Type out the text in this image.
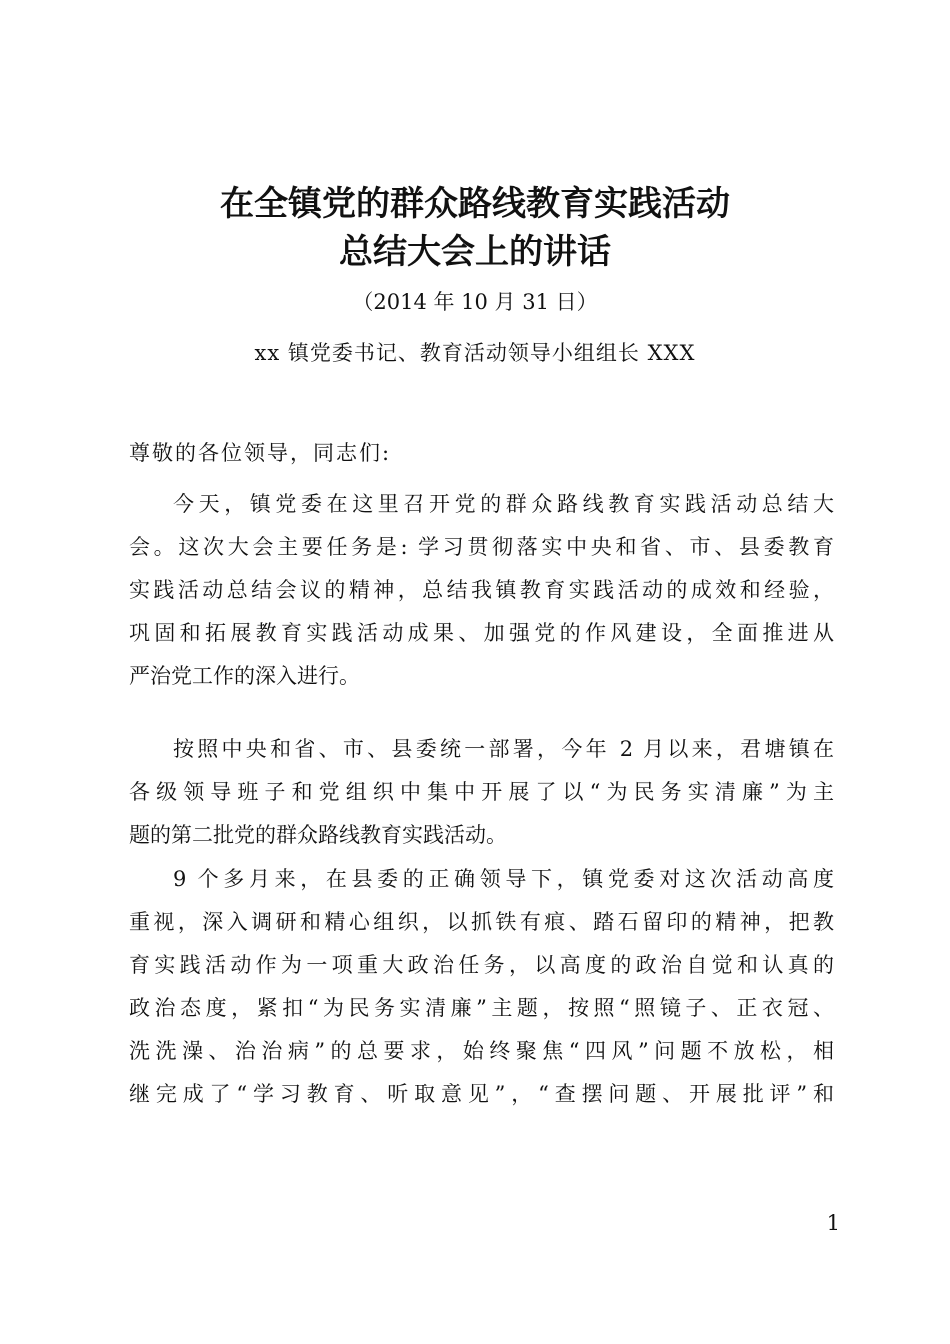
在全镇党的群众路线教育实践活动
总结大会上的讲话
（2014 年 10 月 31 日）
xx 镇党委书记、教育活动领导小组组长 XXX
尊敬的各位领导，同志们:
今天，镇党委在这里召开党的群众路线教育实践活动总结大
会。这次大会主要任务是: 学习贯彻落实中央和省、市、县委教育
实践活动总结会议的精神，总结我镇教育实践活动的成效和经验，
巩固和拓展教育实践活动成果、加强党的作风建设，全面推进从
严治党工作的深入进行。
按照中央和省、市、县委统一部署，今年 2 月以来，君塘镇在
各级领导班子和党组织中集中开展了以“为民务实清廉”为主
题的第二批党的群众路线教育实践活动。
9 个多月来，在县委的正确领导下，镇党委对这次活动高度
重视，深入调研和精心组织，以抓铁有痕、踏石留印的精神，把教
育实践活动作为一项重大政治任务，以高度的政治自觉和认真的
政治态度，紧扣“为民务实清廉”主题，按照“照镜子、正衣冠、
洗洗澡、治治病”的总要求，始终聚焦“四风”问题不放松，相
继完成了“学习教育、听取意见”，“查摆问题、开展批评”和
1
